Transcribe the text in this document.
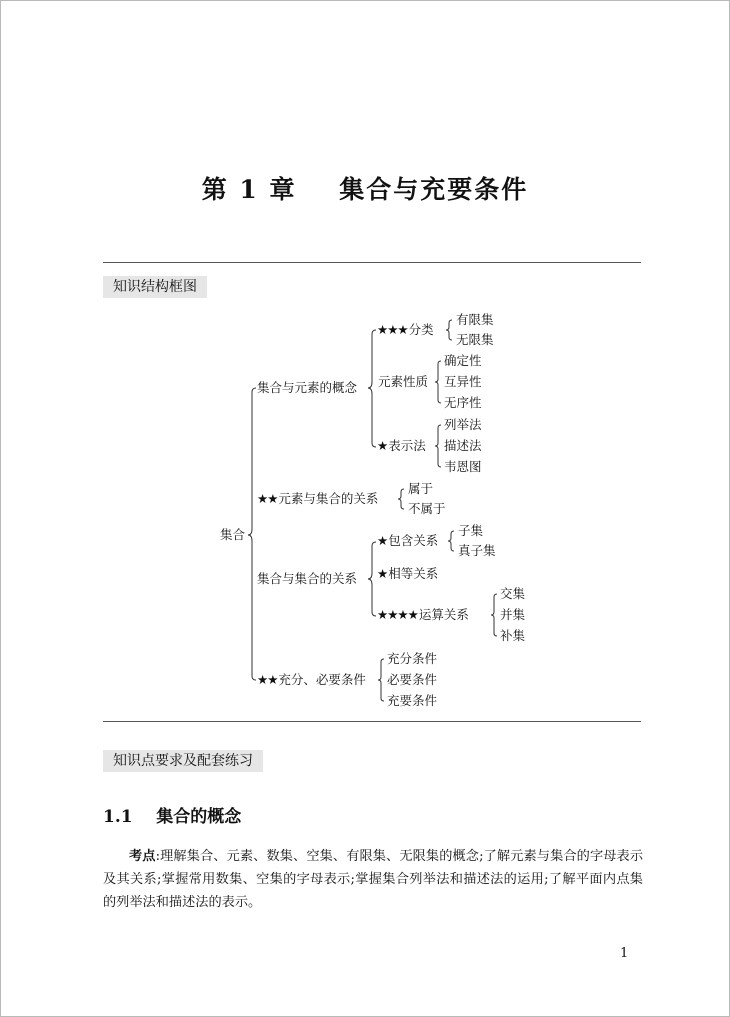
第 1 章    集合与充要条件
知识结构框图
集合
集合与元素的概念
★★★分类
有限集
无限集
元素性质
确定性
互异性
无序性
★表示法
列举法
描述法
韦恩图
★★元素与集合的关系
属于
不属于
集合与集合的关系
★包含关系
子集
真子集
★相等关系
★★★★运算关系
交集
并集
补集
★★充分、必要条件
充分条件
必要条件
充要条件
知识点要求及配套练习
1.1    集合的概念
考点:理解集合、元素、数集、空集、有限集、无限集的概念;了解元素与集合的字母表示及其关系;掌握常用数集、空集的字母表示;掌握集合列举法和描述法的运用;了解平面内点集的列举法和描述法的表示。
1
